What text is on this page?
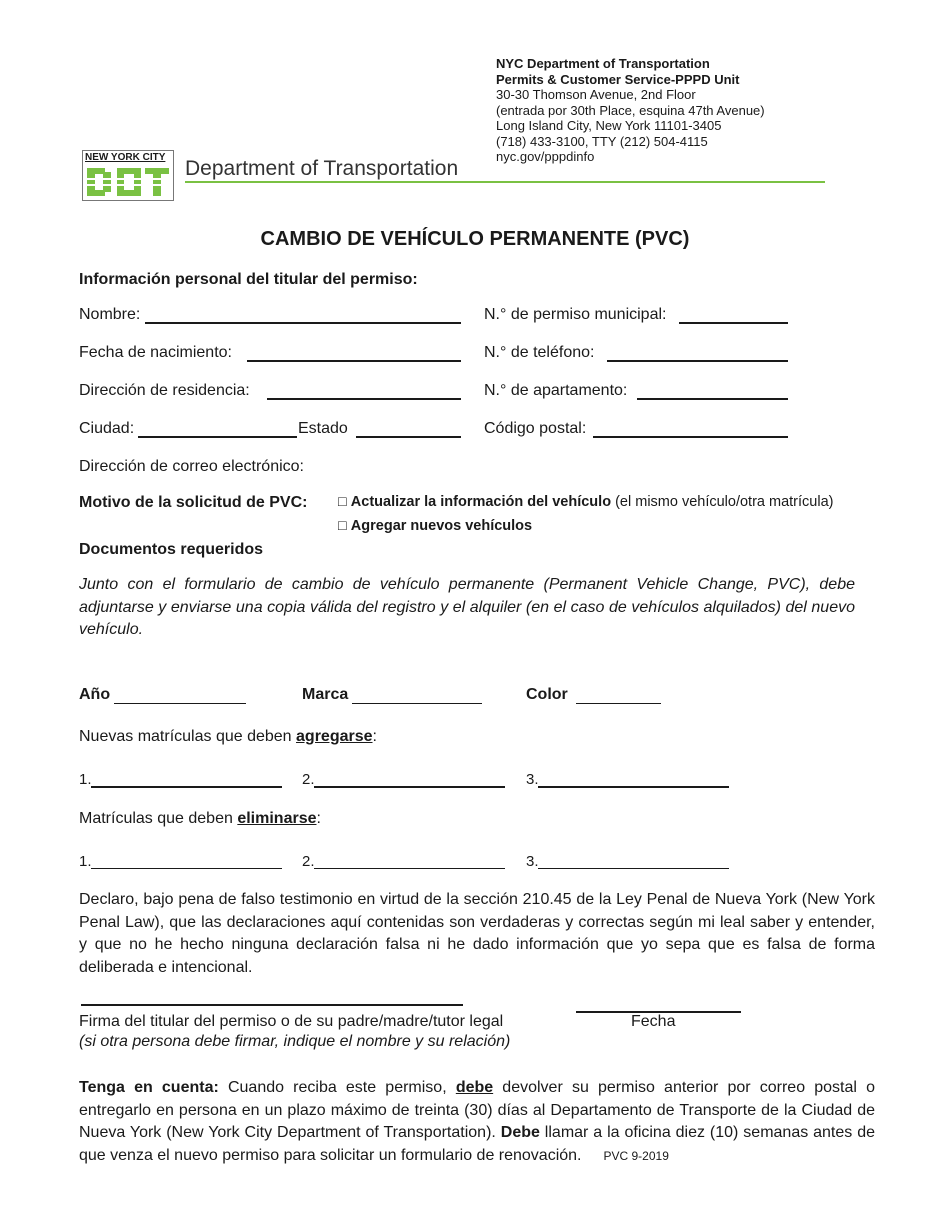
NYC Department of Transportation
Permits & Customer Service-PPPD Unit
30-30 Thomson Avenue, 2nd Floor
(entrada por 30th Place, esquina 47th Avenue)
Long Island City, New York 11101-3405
(718) 433-3100, TTY (212) 504-4115
nyc.gov/pppdinfo
NEW YORK CITY Department of Transportation
CAMBIO DE VEHÍCULO PERMANENTE (PVC)
Información personal del titular del permiso:
Nombre:	N.° de permiso municipal:
Fecha de nacimiento:	N.° de teléfono:
Dirección de residencia:	N.° de apartamento:
Ciudad:	Estado	Código postal:
Dirección de correo electrónico:
Motivo de la solicitud de PVC: □ Actualizar la información del vehículo (el mismo vehículo/otra matrícula)
□ Agregar nuevos vehículos
Documentos requeridos
Junto con el formulario de cambio de vehículo permanente (Permanent Vehicle Change, PVC), debe adjuntarse y enviarse una copia válida del registro y el alquiler (en el caso de vehículos alquilados) del nuevo vehículo.
Año	Marca	Color
Nuevas matrículas que deben agregarse:
1.	2.	3.
Matrículas que deben eliminarse:
1.	2.	3.
Declaro, bajo pena de falso testimonio en virtud de la sección 210.45 de la Ley Penal de Nueva York (New York Penal Law), que las declaraciones aquí contenidas son verdaderas y correctas según mi leal saber y entender, y que no he hecho ninguna declaración falsa ni he dado información que yo sepa que es falsa de forma deliberada e intencional.
Firma del titular del permiso o de su padre/madre/tutor legal	Fecha
(si otra persona debe firmar, indique el nombre y su relación)
Tenga en cuenta: Cuando reciba este permiso, debe devolver su permiso anterior por correo postal o entregarlo en persona en un plazo máximo de treinta (30) días al Departamento de Transporte de la Ciudad de Nueva York (New York City Department of Transportation). Debe llamar a la oficina diez (10) semanas antes de que venza el nuevo permiso para solicitar un formulario de renovación. PVC 9-2019
